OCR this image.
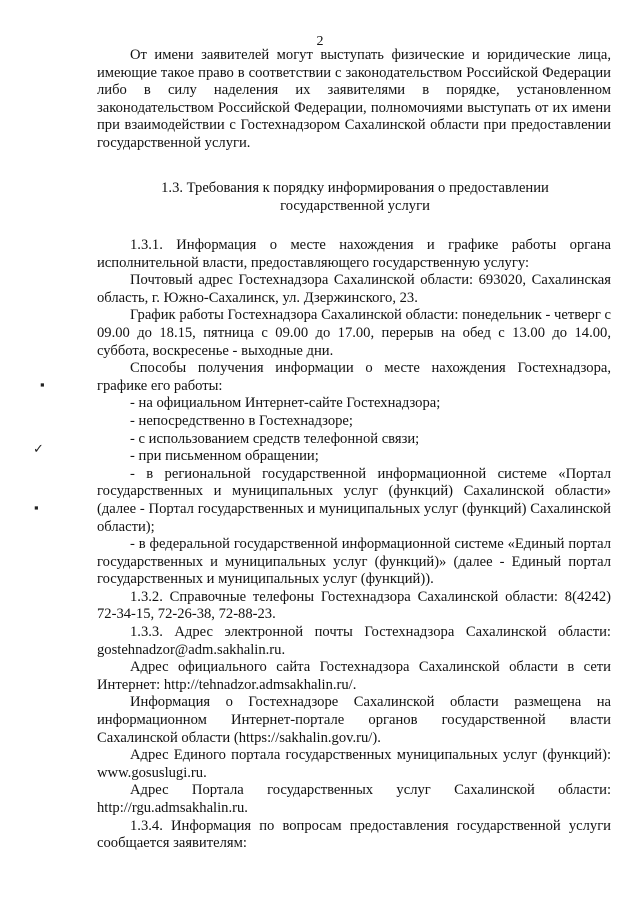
2

От имени заявителей могут выступать физические и юридические лица, имеющие такое право в соответствии с законодательством Российской Федерации либо в силу наделения их заявителями в порядке, установленном законодательством Российской Федерации, полномочиями выступать от их имени при взаимодействии с Гостехнадзором Сахалинской области при предоставлении государственной услуги.

1.3. Требования к порядку информирования о предоставлении
государственной услуги

1.3.1. Информация о месте нахождения и графике работы органа исполнительной власти, предоставляющего государственную услугу:

Почтовый адрес Гостехнадзора Сахалинской области: 693020, Сахалинская область, г. Южно-Сахалинск, ул. Дзержинского, 23.

График работы Гостехнадзора Сахалинской области: понедельник - четверг с 09.00 до 18.15, пятница с 09.00 до 17.00, перерыв на обед с 13.00 до 14.00, суббота, воскресенье - выходные дни.

Способы получения информации о месте нахождения Гостехнадзора, графике его работы:

- на официальном Интернет-сайте Гостехнадзора;

- непосредственно в Гостехнадзоре;

- с использованием средств телефонной связи;

- при письменном обращении;

- в региональной государственной информационной системе «Портал государственных и муниципальных услуг (функций) Сахалинской области» (далее - Портал государственных и муниципальных услуг (функций) Сахалинской области);

- в федеральной государственной информационной системе «Единый портал государственных и муниципальных услуг (функций)» (далее - Единый портал государственных и муниципальных услуг (функций)).

1.3.2. Справочные телефоны Гостехнадзора Сахалинской области: 8(4242) 72-34-15, 72-26-38, 72-88-23.

1.3.3. Адрес электронной почты Гостехнадзора Сахалинской области: gostehnadzor@adm.sakhalin.ru.

Адрес официального сайта Гостехнадзора Сахалинской области в сети Интернет: http://tehnadzor.admsakhalin.ru/.

Информация о Гостехнадзоре Сахалинской области размещена на информационном Интернет-портале органов государственной власти Сахалинской области (https://sakhalin.gov.ru/).

Адрес Единого портала государственных муниципальных услуг (функций): www.gosuslugi.ru.

Адрес Портала государственных услуг Сахалинской области: http://rgu.admsakhalin.ru.

1.3.4. Информация по вопросам предоставления государственной услуги сообщается заявителям:

▪
✓
▪
